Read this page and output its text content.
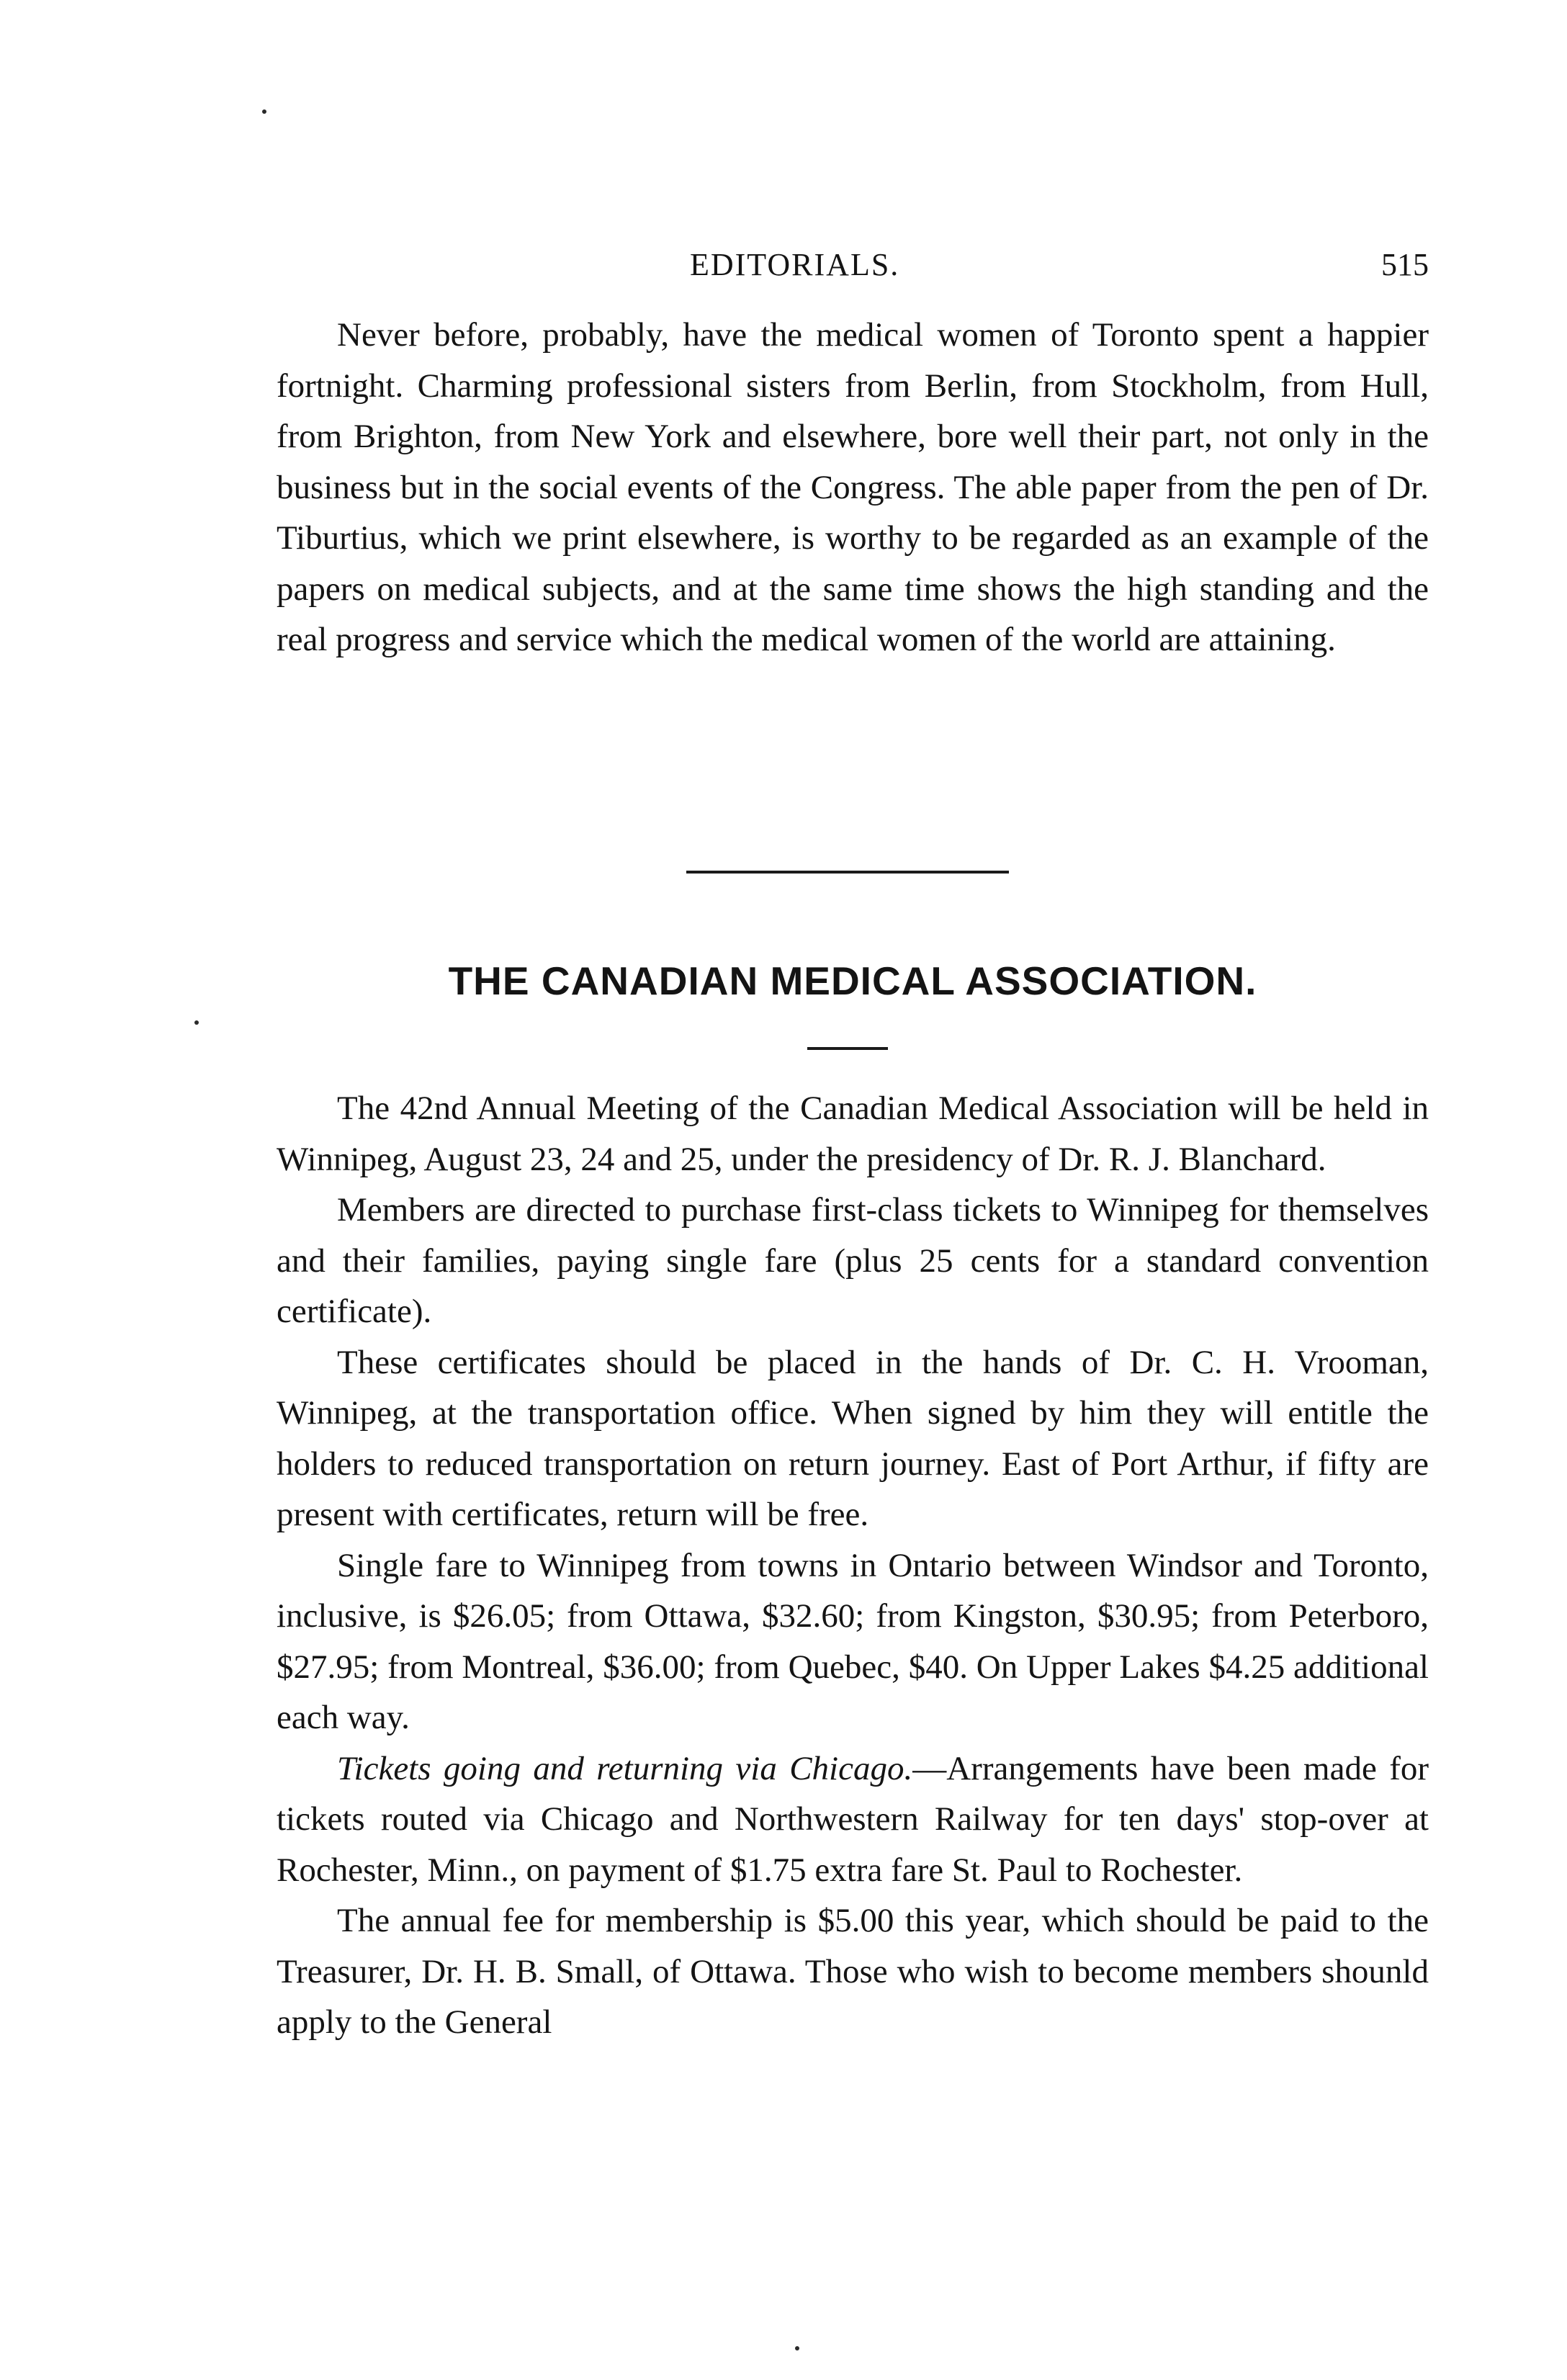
EDITORIALS.	515

Never before, probably, have the medical women of Toronto spent a happier fortnight. Charming professional sisters from Berlin, from Stockholm, from Hull, from Brighton, from New York and elsewhere, bore well their part, not only in the business but in the social events of the Congress. The able paper from the pen of Dr. Tiburtius, which we print elsewhere, is worthy to be regarded as an example of the papers on medical subjects, and at the same time shows the high standing and the real progress and service which the medical women of the world are attaining.

THE CANADIAN MEDICAL ASSOCIATION.

The 42nd Annual Meeting of the Canadian Medical Association will be held in Winnipeg, August 23, 24 and 25, under the presidency of Dr. R. J. Blanchard.

Members are directed to purchase first-class tickets to Winnipeg for themselves and their families, paying single fare (plus 25 cents for a standard convention certificate).

These certificates should be placed in the hands of Dr. C. H. Vrooman, Winnipeg, at the transportation office. When signed by him they will entitle the holders to reduced transportation on return journey. East of Port Arthur, if fifty are present with certificates, return will be free.

Single fare to Winnipeg from towns in Ontario between Windsor and Toronto, inclusive, is $26.05; from Ottawa, $32.60; from Kingston, $30.95; from Peterboro, $27.95; from Montreal, $36.00; from Quebec, $40. On Upper Lakes $4.25 additional each way.

Tickets going and returning via Chicago.—Arrangements have been made for tickets routed via Chicago and Northwestern Railway for ten days' stop-over at Rochester, Minn., on payment of $1.75 extra fare St. Paul to Rochester.

The annual fee for membership is $5.00 this year, which should be paid to the Treasurer, Dr. H. B. Small, of Ottawa. Those who wish to become members shounld apply to the General
